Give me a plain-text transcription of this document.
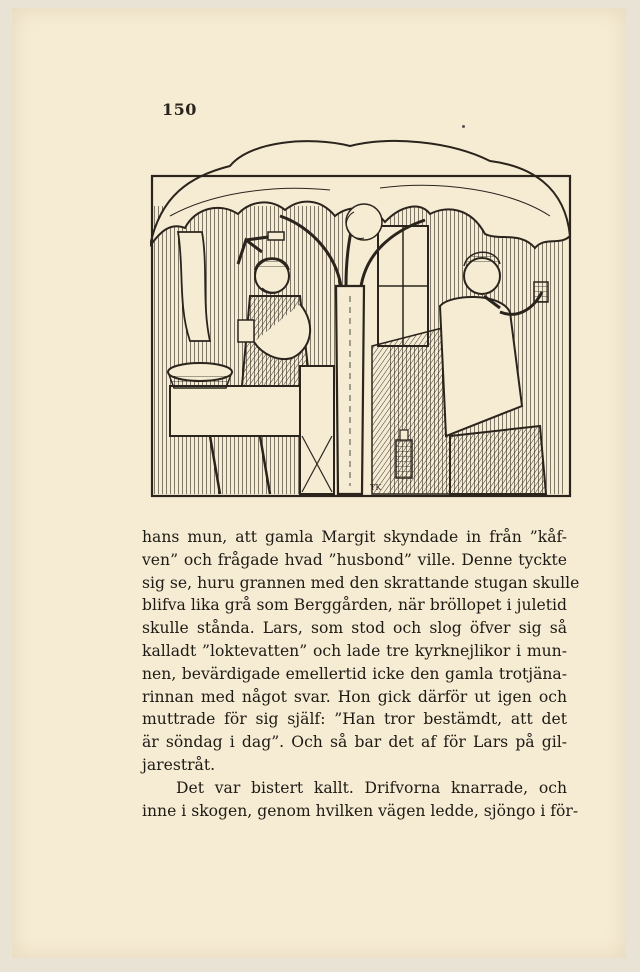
150
TK
hans mun, att gamla Margit skyndade in från ”kåf-
ven” och frågade hvad ”husbond” ville. Denne tyckte
sig se, huru grannen med den skrattande stugan skulle
blifva lika grå som Berggården, när bröllopet i juletid
skulle stånda. Lars, som stod och slog öfver sig så
kalladt ”loktevatten” och lade tre kyrknejlikor i mun-
nen, bevärdigade emellertid icke den gamla trotjäna-
rinnan med något svar. Hon gick därför ut igen och
muttrade för sig själf: ”Han tror bestämdt, att det
är söndag i dag”. Och så bar det af för Lars på gil-
jarestråt.
Det var bistert kallt. Drifvorna knarrade, och
inne i skogen, genom hvilken vägen ledde, sjöngo i för-
